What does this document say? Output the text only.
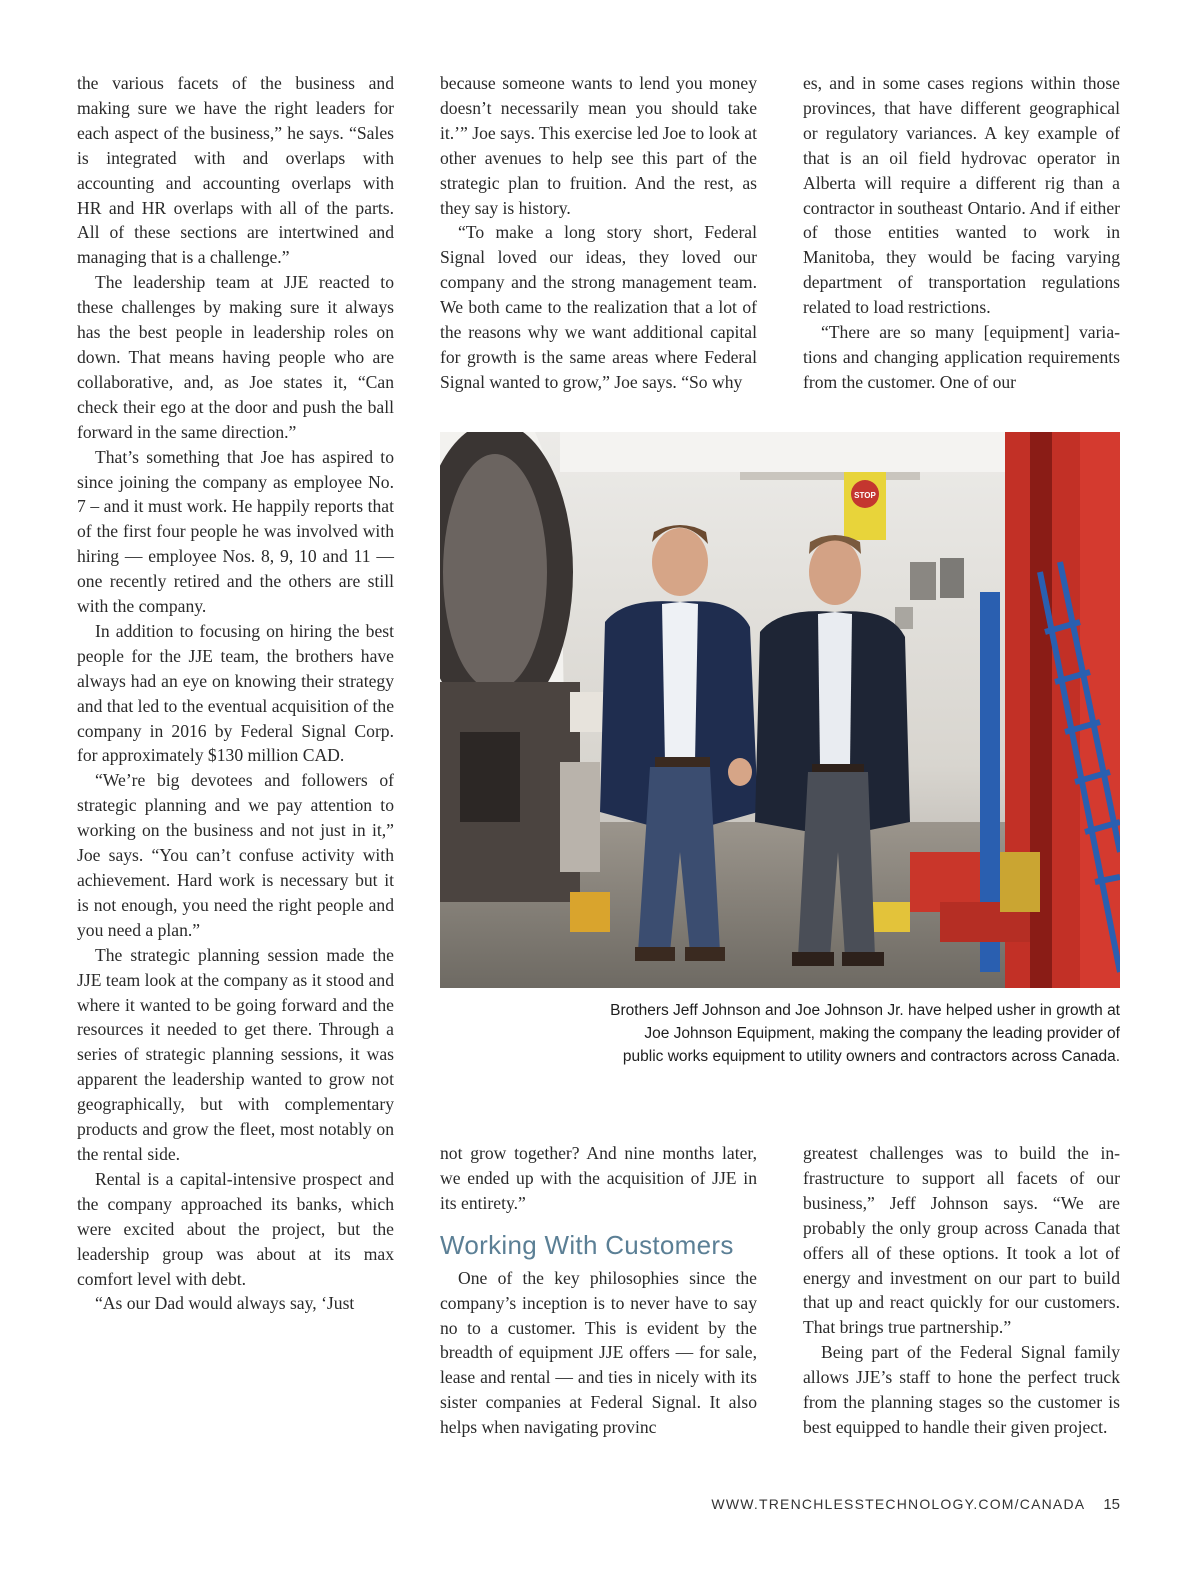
the various facets of the business and making sure we have the right leaders for each aspect of the business,” he says. “Sales is integrated with and overlaps with accounting and accounting overlaps with HR and HR overlaps with all of the parts. All of these sections are intertwined and managing that is a challenge.”

The leadership team at JJE reacted to these challenges by making sure it always has the best people in leadership roles on down. That means having people who are collaborative, and, as Joe states it, “Can check their ego at the door and push the ball forward in the same direction.”

That’s something that Joe has aspired to since joining the company as employee No. 7 – and it must work. He happily reports that of the first four people he was involved with hiring — employee Nos. 8, 9, 10 and 11 — one recently retired and the others are still with the company.

In addition to focusing on hiring the best people for the JJE team, the brothers have always had an eye on knowing their strategy and that led to the eventual acquisition of the company in 2016 by Federal Signal Corp. for approximately $130 million CAD.

“We’re big devotees and followers of strategic planning and we pay attention to working on the business and not just in it,” Joe says. “You can’t confuse activity with achievement. Hard work is necessary but it is not enough, you need the right people and you need a plan.”

The strategic planning session made the JJE team look at the company as it stood and where it wanted to be going forward and the resources it needed to get there. Through a series of strategic planning sessions, it was apparent the leadership wanted to grow not geographically, but with complementary products and grow the fleet, most notably on the rental side.

Rental is a capital-intensive prospect and the company approached its banks, which were excited about the project, but the leadership group was about at its max comfort level with debt.

“As our Dad would always say, ‘Just

because someone wants to lend you money doesn’t necessarily mean you should take it.’” Joe says. This exercise led Joe to look at other avenues to help see this part of the strategic plan to fruition. And the rest, as they say is history.

“To make a long story short, Federal Signal loved our ideas, they loved our company and the strong management team. We both came to the realization that a lot of the reasons why we want additional capital for growth is the same areas where Federal Signal wanted to grow,” Joe says. “So why

es, and in some cases regions within those provinces, that have different geographical or regulatory variances. A key example of that is an oil field hydrovac operator in Alberta will require a different rig than a contractor in southeast Ontario. And if either of those entities wanted to work in Manitoba, they would be facing varying department of transportation regulations related to load restrictions.

“There are so many [equipment] variations and changing application requirements from the customer. One of our

STOP
Brothers Jeff Johnson and Joe Johnson Jr. have helped usher in growth at
Joe Johnson Equipment, making the company the leading provider of
public works equipment to utility owners and contractors across Canada.

not grow together? And nine months later, we ended up with the acquisition of JJE in its entirety.”

Working With Customers

One of the key philosophies since the company’s inception is to never have to say no to a customer. This is evident by the breadth of equipment JJE offers — for sale, lease and rental — and ties in nicely with its sister companies at Federal Signal. It also helps when navigating provinc

greatest challenges was to build the infrastructure to support all facets of our business,” Jeff Johnson says. “We are probably the only group across Canada that offers all of these options. It took a lot of energy and investment on our part to build that up and react quickly for our customers. That brings true partnership.”

Being part of the Federal Signal family allows JJE’s staff to hone the perfect truck from the planning stages so the customer is best equipped to handle their given project.

WWW.TRENCHLESSTECHNOLOGY.COM/CANADA 15
